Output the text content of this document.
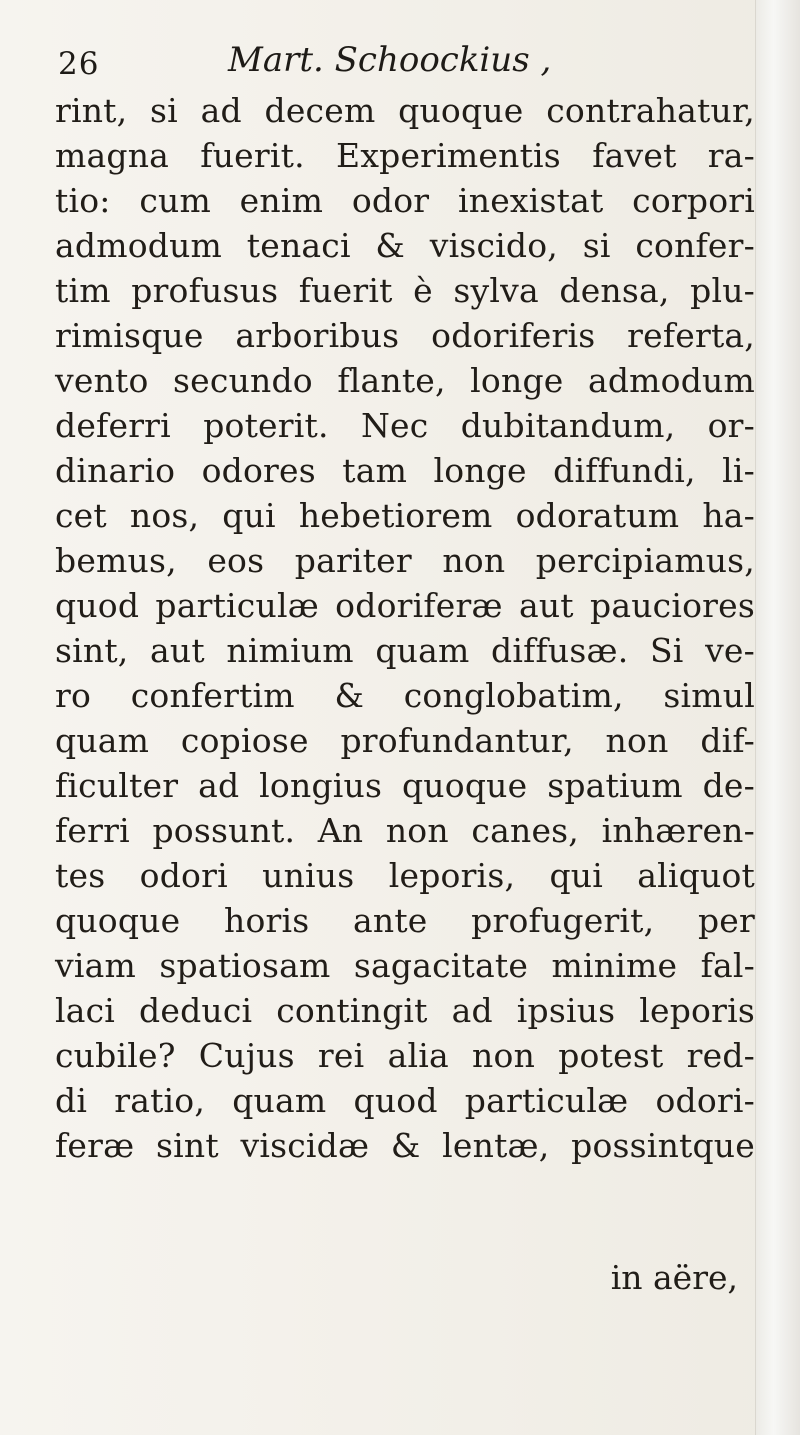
26	Mart. Schoockius ,
rint, si ad decem quoque contrahatur,
magna fuerit. Experimentis favet ra-
tio: cum enim odor inexistat corpori
admodum tenaci & viscido, si confer-
tim profusus fuerit è sylva densa, plu-
rimisque arboribus odoriferis referta,
vento secundo flante, longe admodum
deferri poterit. Nec dubitandum, or-
dinario odores tam longe diffundi, li-
cet nos, qui hebetiorem odoratum ha-
bemus, eos pariter non percipiamus,
quod particulæ odoriferæ aut pauciores
sint, aut nimium quam diffusæ. Si ve-
ro confertim & conglobatim, simul
quam copiose profundantur, non dif-
ficulter ad longius quoque spatium de-
ferri possunt. An non canes, inhæren-
tes odori unius leporis, qui aliquot
quoque horis ante profugerit, per
viam spatiosam sagacitate minime fal-
laci deduci contingit ad ipsius leporis
cubile? Cujus rei alia non potest red-
di ratio, quam quod particulæ odori-
feræ sint viscidæ & lentæ, possintque
in aëre,
